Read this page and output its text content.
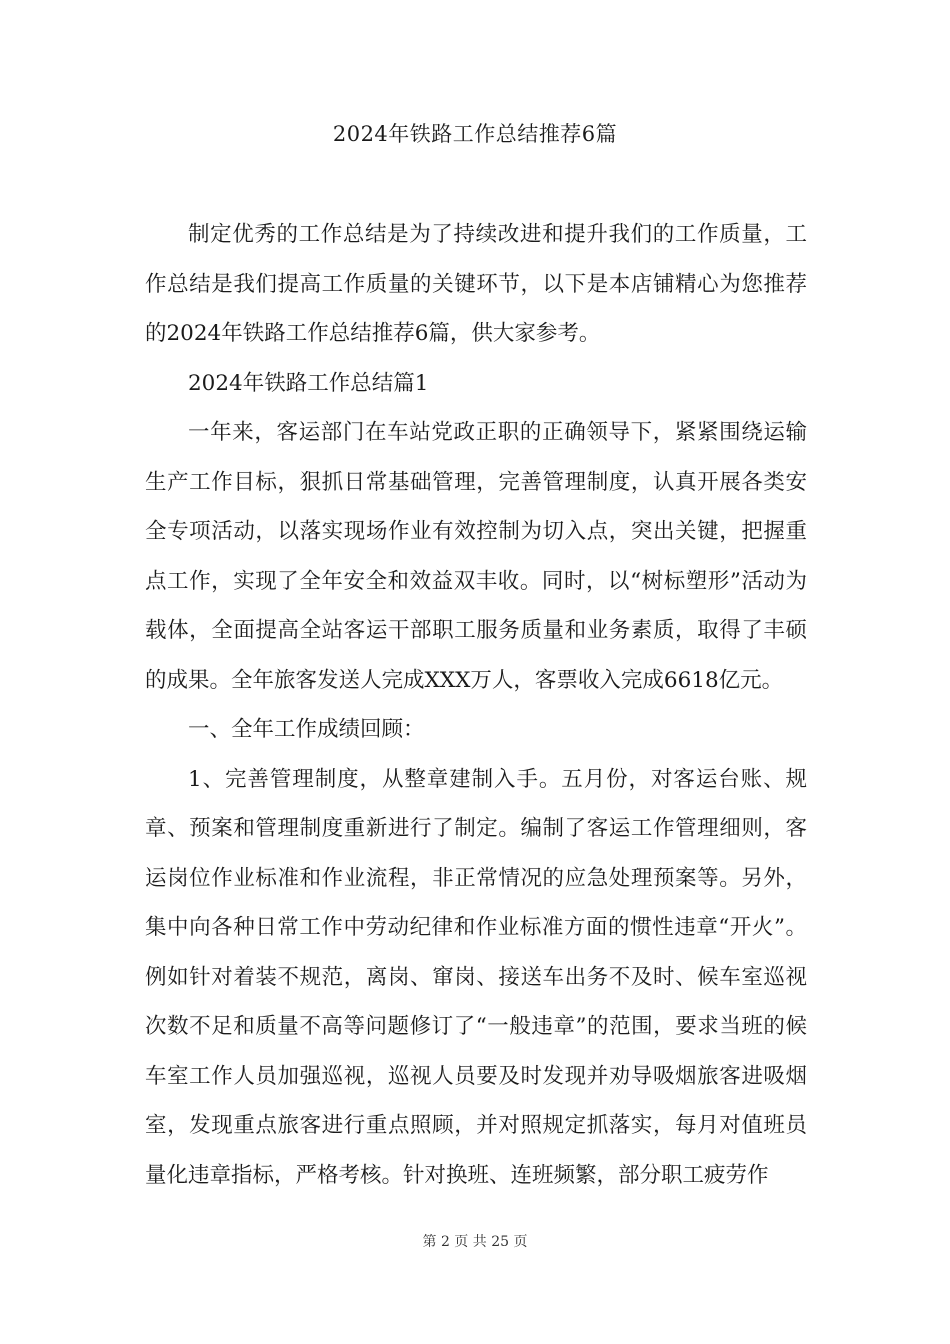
2024年铁路工作总结推荐6篇

制定优秀的工作总结是为了持续改进和提升我们的工作质量，工作总结是我们提高工作质量的关键环节，以下是本店铺精心为您推荐的2024年铁路工作总结推荐6篇，供大家参考。

2024年铁路工作总结篇1

一年来，客运部门在车站党政正职的正确领导下，紧紧围绕运输生产工作目标，狠抓日常基础管理，完善管理制度，认真开展各类安全专项活动，以落实现场作业有效控制为切入点，突出关键，把握重点工作，实现了全年安全和效益双丰收。同时，以“树标塑形”活动为载体，全面提高全站客运干部职工服务质量和业务素质，取得了丰硕的成果。全年旅客发送人完成XXX万人，客票收入完成6618亿元。

一、全年工作成绩回顾：

1、完善管理制度，从整章建制入手。五月份，对客运台账、规章、预案和管理制度重新进行了制定。编制了客运工作管理细则，客运岗位作业标准和作业流程，非正常情况的应急处理预案等。另外，集中向各种日常工作中劳动纪律和作业标准方面的惯性违章“开火”。例如针对着装不规范，离岗、窜岗、接送车出务不及时、候车室巡视次数不足和质量不高等问题修订了“一般违章”的范围，要求当班的候车室工作人员加强巡视，巡视人员要及时发现并劝导吸烟旅客进吸烟室，发现重点旅客进行重点照顾，并对照规定抓落实，每月对值班员量化违章指标，严格考核。针对换班、连班频繁，部分职工疲劳作

第 2 页 共 25 页
